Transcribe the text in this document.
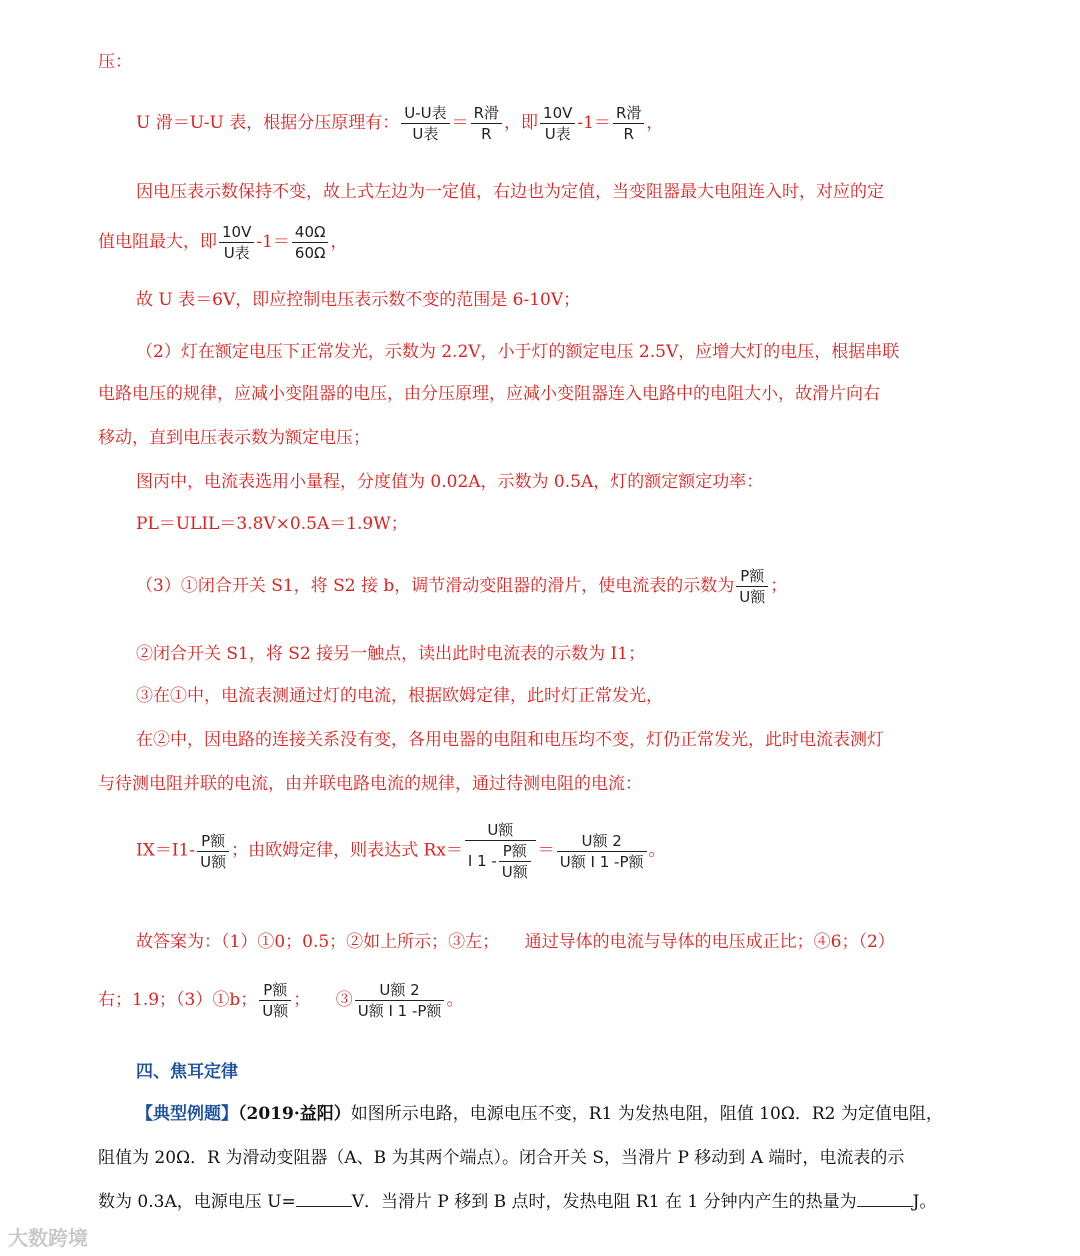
压：
U 滑＝U-U 表，根据分压原理有： $\frac{\text{U-U表}}{\text{U表}} = \frac{\text{R滑}}{R}$ ，即 $\frac{10V}{\text{U表}} -1= \frac{\text{R滑}}{R}$ ，
因电压表示数保持不变，故上式左边为一定值，右边也为定值，当变阻器最大电阻连入时，对应的定
值电阻最大，即 $\frac{10V}{\text{U表}} -1= \frac{40\Omega}{60\Omega}$ ，
故 U 表＝6V，即应控制电压表示数不变的范围是 6-10V；
（2）灯在额定电压下正常发光，示数为 2.2V，小于灯的额定电压 2.5V，应增大灯的电压，根据串联
电路电压的规律，应减小变阻器的电压，由分压原理，应减小变阻器连入电路中的电阻大小，故滑片向右
移动，直到电压表示数为额定电压；
图丙中，电流表选用小量程，分度值为 0.02A，示数为 0.5A，灯的额定额定功率：
PL＝ULIL＝3.8V×0.5A＝1.9W；
（3）①闭合开关 S1，将 S2 接 b，调节滑动变阻器的滑片，使电流表的示数为 $\frac{\text{P额}}{\text{U额}}$ ；
②闭合开关 S1，将 S2 接另一触点，读出此时电流表的示数为 I1；
③在①中，电流表测通过灯的电流，根据欧姆定律，此时灯正常发光，
在②中，因电路的连接关系没有变，各用电器的电阻和电压均不变，灯仍正常发光，此时电流表测灯
与待测电阻并联的电流，由并联电路电流的规律，通过待测电阻的电流：
$IX=I1- \frac{\text{P额}}{\text{U额}}$ ；由欧姆定律，则表达式 $Rx= \frac{\text{U额}}{I 1 - \frac{\text{P额}}{\text{U额}}} = \frac{\text{U额 2}}{\text{U额 I 1 -P额}}$ 。
故答案为：（1）①0；0.5；②如上所示；③左；　　通过导体的电流与导体的电压成正比；④6；（2）
右；1.9；（3）①b； $\frac{\text{P额}}{\text{U额}}$ ；　　③ $\frac{\text{U额 2}}{\text{U额 I 1 -P额}}$ 。
四、焦耳定律
【典型例题】（2019·益阳）如图所示电路，电源电压不变，R1 为发热电阻，阻值 10Ω．R2 为定值电阻，
阻值为 20Ω．R 为滑动变阻器（A、B 为其两个端点）。闭合开关 S，当滑片 P 移动到 A 端时，电流表的示
数为 0.3A，电源电压 U=	V．当滑片 P 移到 B 点时，发热电阻 R1 在 1 分钟内产生的热量为	J。
大数跨境
